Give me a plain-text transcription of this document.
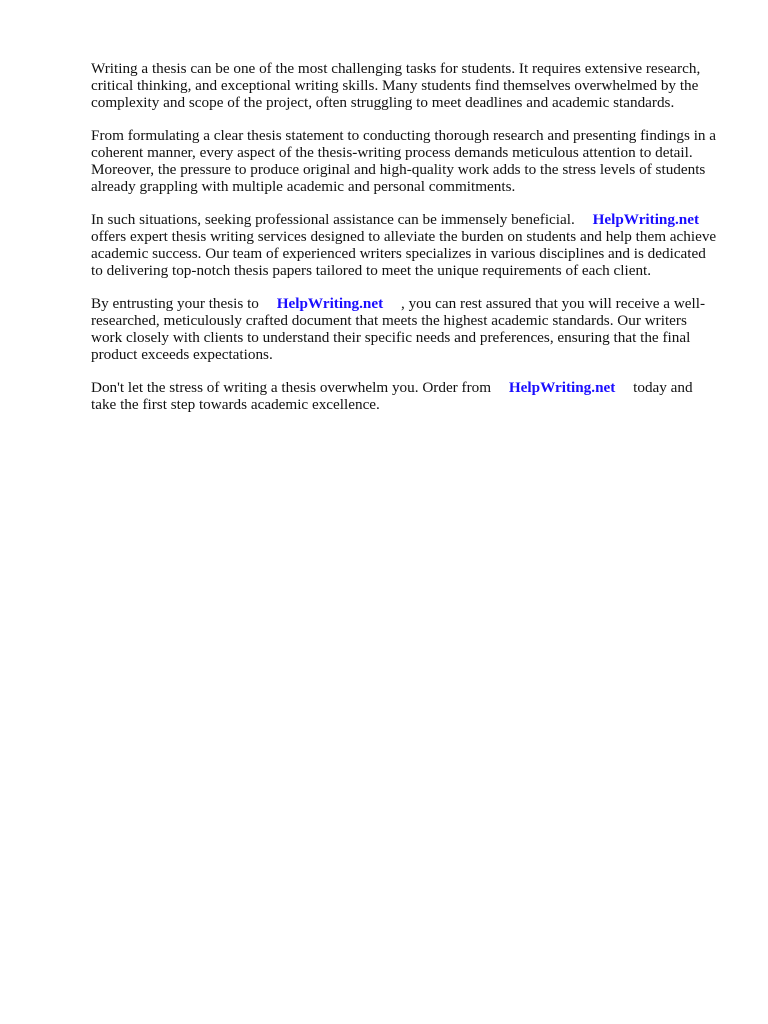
Writing a thesis can be one of the most challenging tasks for students. It requires extensive research, critical thinking, and exceptional writing skills. Many students find themselves overwhelmed by the complexity and scope of the project, often struggling to meet deadlines and academic standards.

From formulating a clear thesis statement to conducting thorough research and presenting findings in a coherent manner, every aspect of the thesis-writing process demands meticulous attention to detail. Moreover, the pressure to produce original and high-quality work adds to the stress levels of students already grappling with multiple academic and personal commitments.

In such situations, seeking professional assistance can be immensely beneficial. HelpWriting.net offers expert thesis writing services designed to alleviate the burden on students and help them achieve academic success. Our team of experienced writers specializes in various disciplines and is dedicated to delivering top-notch thesis papers tailored to meet the unique requirements of each client.

By entrusting your thesis to HelpWriting.net , you can rest assured that you will receive a well-researched, meticulously crafted document that meets the highest academic standards. Our writers work closely with clients to understand their specific needs and preferences, ensuring that the final product exceeds expectations.

Don't let the stress of writing a thesis overwhelm you. Order from HelpWriting.net today and take the first step towards academic excellence.
